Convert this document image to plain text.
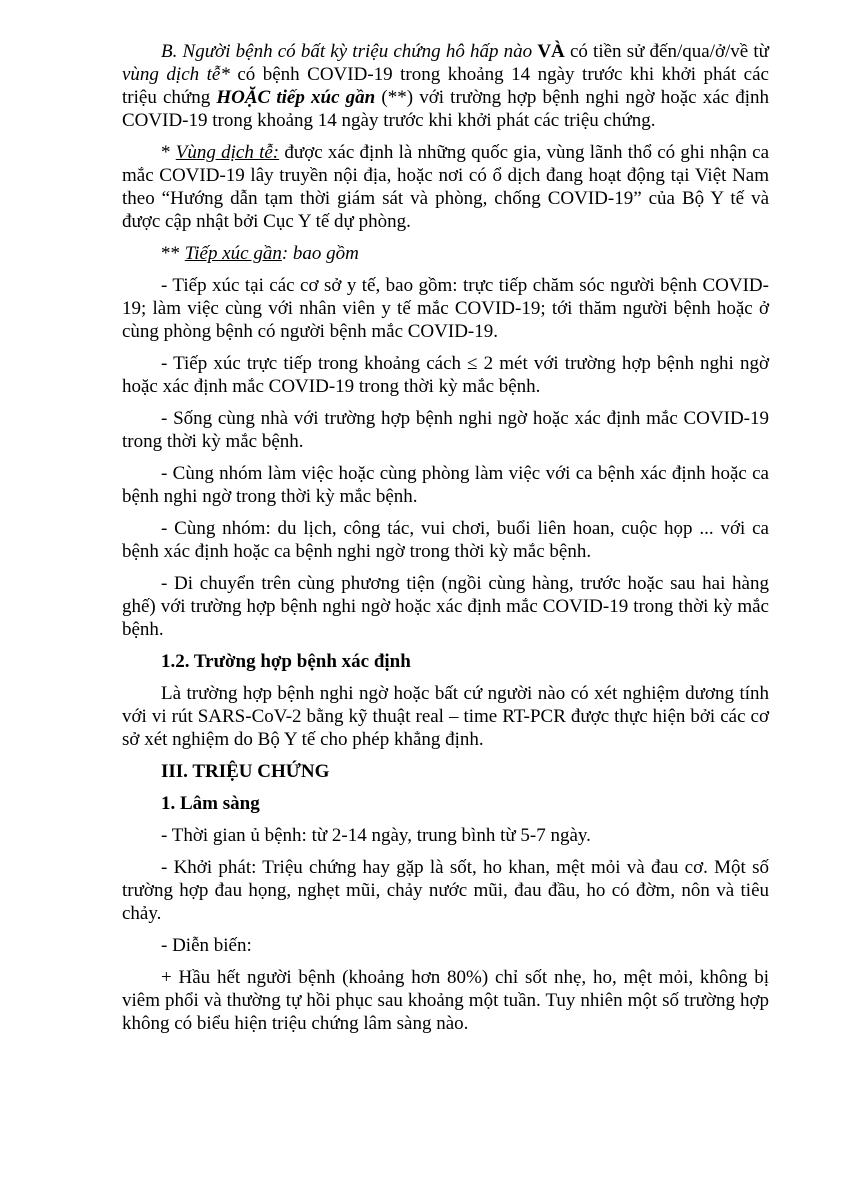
B. Người bệnh có bất kỳ triệu chứng hô hấp nào VÀ có tiền sử đến/qua/ở/về từ vùng dịch tễ* có bệnh COVID-19 trong khoảng 14 ngày trước khi khởi phát các triệu chứng HOẶC tiếp xúc gần (**) với trường hợp bệnh nghi ngờ hoặc xác định COVID-19 trong khoảng 14 ngày trước khi khởi phát các triệu chứng.

* Vùng dịch tễ: được xác định là những quốc gia, vùng lãnh thổ có ghi nhận ca mắc COVID-19 lây truyền nội địa, hoặc nơi có ổ dịch đang hoạt động tại Việt Nam theo “Hướng dẫn tạm thời giám sát và phòng, chống COVID-19” của Bộ Y tế và được cập nhật bởi Cục Y tế dự phòng.

** Tiếp xúc gần: bao gồm

- Tiếp xúc tại các cơ sở y tế, bao gồm: trực tiếp chăm sóc người bệnh COVID-19; làm việc cùng với nhân viên y tế mắc COVID-19; tới thăm người bệnh hoặc ở cùng phòng bệnh có người bệnh mắc COVID-19.

- Tiếp xúc trực tiếp trong khoảng cách ≤ 2 mét với trường hợp bệnh nghi ngờ hoặc xác định mắc COVID-19 trong thời kỳ mắc bệnh.

- Sống cùng nhà với trường hợp bệnh nghi ngờ hoặc xác định mắc COVID-19 trong thời kỳ mắc bệnh.

- Cùng nhóm làm việc hoặc cùng phòng làm việc với ca bệnh xác định hoặc ca bệnh nghi ngờ trong thời kỳ mắc bệnh.

- Cùng nhóm: du lịch, công tác, vui chơi, buổi liên hoan, cuộc họp ... với ca bệnh xác định hoặc ca bệnh nghi ngờ trong thời kỳ mắc bệnh.

- Di chuyển trên cùng phương tiện (ngồi cùng hàng, trước hoặc sau hai hàng ghế) với trường hợp bệnh nghi ngờ hoặc xác định mắc COVID-19 trong thời kỳ mắc bệnh.

1.2. Trường hợp bệnh xác định

Là trường hợp bệnh nghi ngờ hoặc bất cứ người nào có xét nghiệm dương tính với vi rút SARS-CoV-2 bằng kỹ thuật real – time RT-PCR được thực hiện bởi các cơ sở xét nghiệm do Bộ Y tế cho phép khẳng định.

III. TRIỆU CHỨNG

1. Lâm sàng

- Thời gian ủ bệnh: từ 2-14 ngày, trung bình từ 5-7 ngày.

- Khởi phát: Triệu chứng hay gặp là sốt, ho khan, mệt mỏi và đau cơ. Một số trường hợp đau họng, nghẹt mũi, chảy nước mũi, đau đầu, ho có đờm, nôn và tiêu chảy.

- Diễn biến:

+ Hầu hết người bệnh (khoảng hơn 80%) chỉ sốt nhẹ, ho, mệt mỏi, không bị viêm phổi và thường tự hồi phục sau khoảng một tuần. Tuy nhiên một số trường hợp không có biểu hiện triệu chứng lâm sàng nào.
